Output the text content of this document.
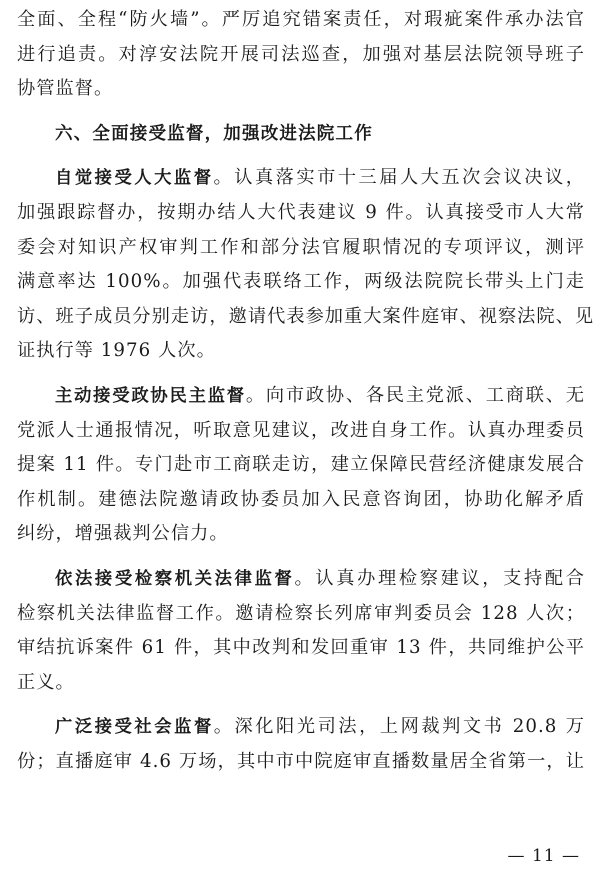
全面、全程“防火墙”。严厉追究错案责任，对瑕疵案件承办法官
进行追责。对淳安法院开展司法巡查，加强对基层法院领导班子
协管监督。
六、全面接受监督，加强改进法院工作
自觉接受人大监督。认真落实市十三届人大五次会议决议，
加强跟踪督办，按期办结人大代表建议 9 件。认真接受市人大常
委会对知识产权审判工作和部分法官履职情况的专项评议，测评
满意率达 100%。加强代表联络工作，两级法院院长带头上门走
访、班子成员分别走访，邀请代表参加重大案件庭审、视察法院、见
证执行等 1976 人次。
主动接受政协民主监督。向市政协、各民主党派、工商联、无
党派人士通报情况，听取意见建议，改进自身工作。认真办理委员
提案 11 件。专门赴市工商联走访，建立保障民营经济健康发展合
作机制。建德法院邀请政协委员加入民意咨询团，协助化解矛盾
纠纷，增强裁判公信力。
依法接受检察机关法律监督。认真办理检察建议，支持配合
检察机关法律监督工作。邀请检察长列席审判委员会 128 人次；
审结抗诉案件 61 件，其中改判和发回重审 13 件，共同维护公平
正义。
广泛接受社会监督。深化阳光司法，上网裁判文书 20.8 万
份；直播庭审 4.6 万场，其中市中院庭审直播数量居全省第一，让
— 11 —
